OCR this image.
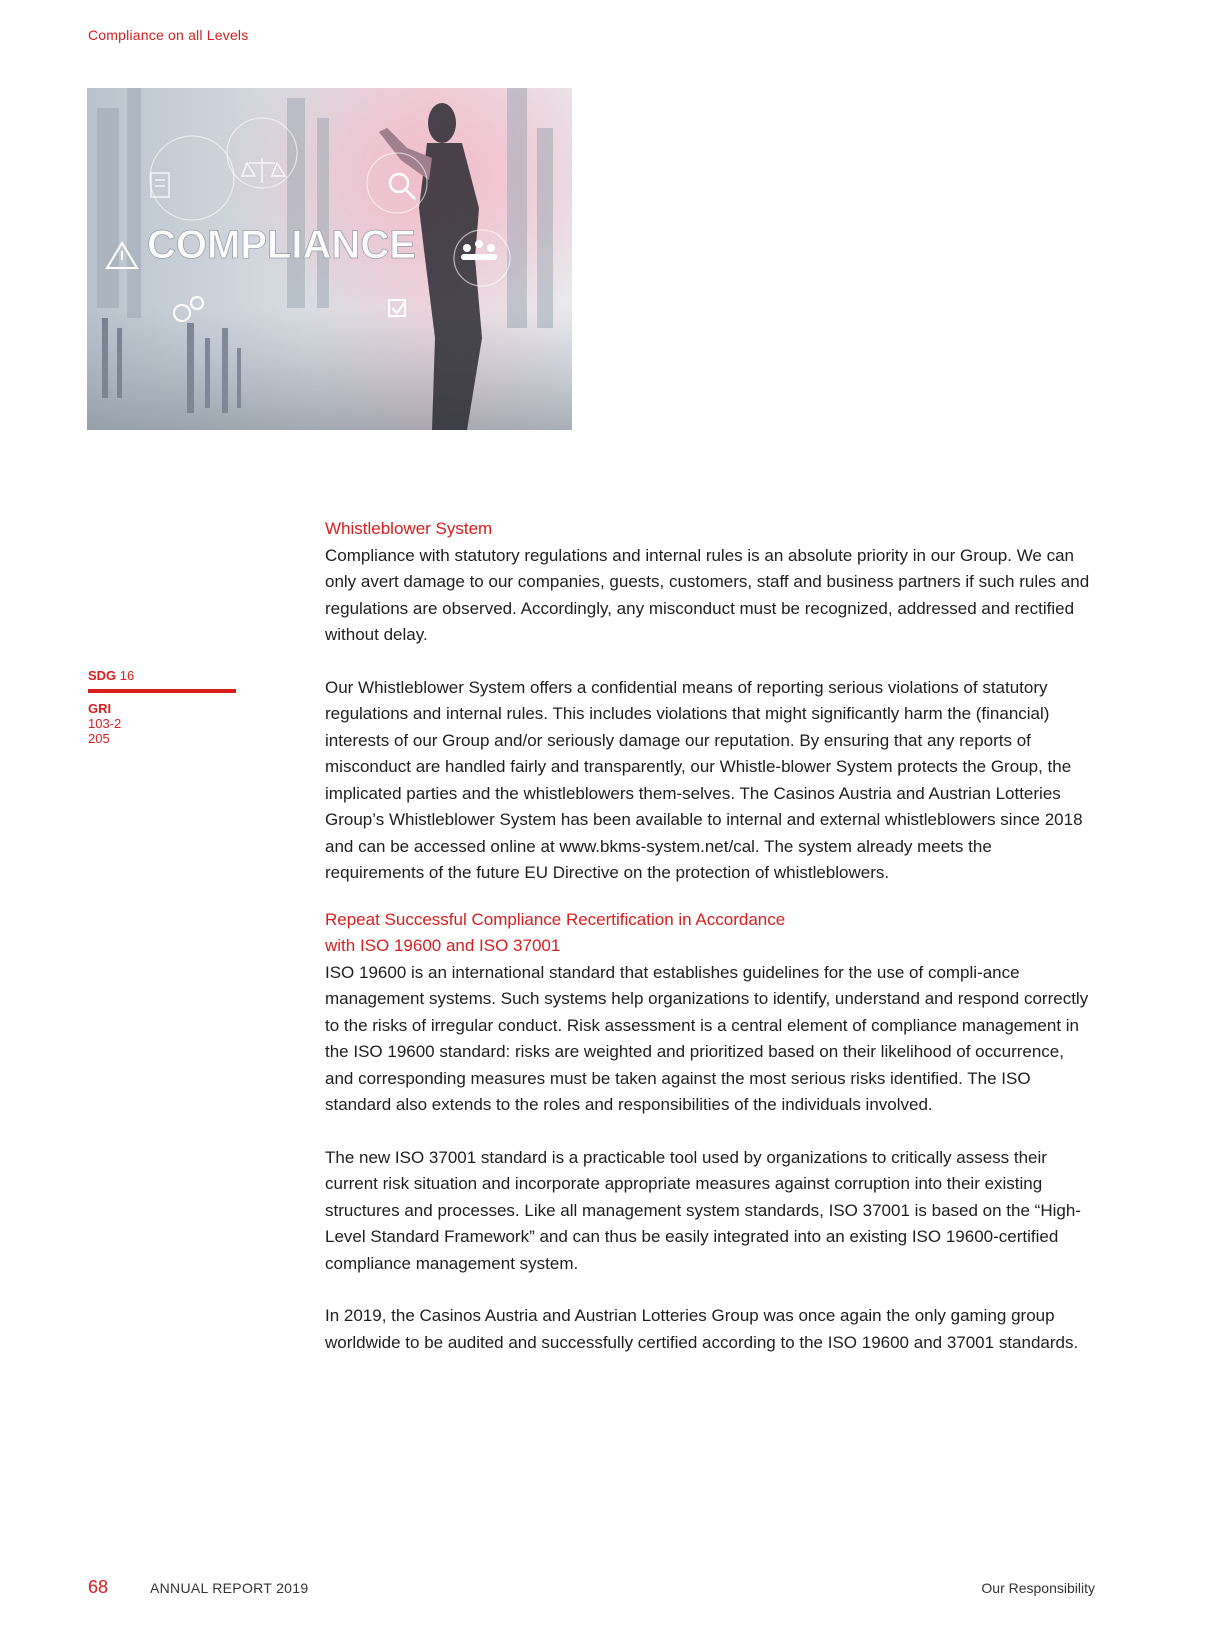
Compliance on all Levels
COMPLIANCE
SDG 16
GRI
103-2
205
Whistleblower System

Compliance with statutory regulations and internal rules is an absolute priority in our Group. We can only avert damage to our companies, guests, customers, staff and business partners if such rules and regulations are observed. Accordingly, any misconduct must be recognized, addressed and rectified without delay.

Our Whistleblower System offers a confidential means of reporting serious violations of statutory regulations and internal rules. This includes violations that might significantly harm the (financial) interests of our Group and/or seriously damage our reputation. By ensuring that any reports of misconduct are handled fairly and transparently, our Whistle-blower System protects the Group, the implicated parties and the whistleblowers them-selves. The Casinos Austria and Austrian Lotteries Group’s Whistleblower System has been available to internal and external whistleblowers since 2018 and can be accessed online at www.bkms-system.net/cal. The system already meets the requirements of the future EU Directive on the protection of whistleblowers.

Repeat Successful Compliance Recertification in Accordance
with ISO 19600 and ISO 37001

ISO 19600 is an international standard that establishes guidelines for the use of compli-ance management systems. Such systems help organizations to identify, understand and respond correctly to the risks of irregular conduct. Risk assessment is a central element of compliance management in the ISO 19600 standard: risks are weighted and prioritized based on their likelihood of occurrence, and corresponding measures must be taken against the most serious risks identified. The ISO standard also extends to the roles and responsibilities of the individuals involved.

The new ISO 37001 standard is a practicable tool used by organizations to critically assess their current risk situation and incorporate appropriate measures against corruption into their existing structures and processes. Like all management system standards, ISO 37001 is based on the “High-Level Standard Framework” and can thus be easily integrated into an existing ISO 19600-certified compliance management system.

In 2019, the Casinos Austria and Austrian Lotteries Group was once again the only gaming group worldwide to be audited and successfully certified according to the ISO 19600 and 37001 standards.

68	ANNUAL REPORT 2019	Our Responsibility
